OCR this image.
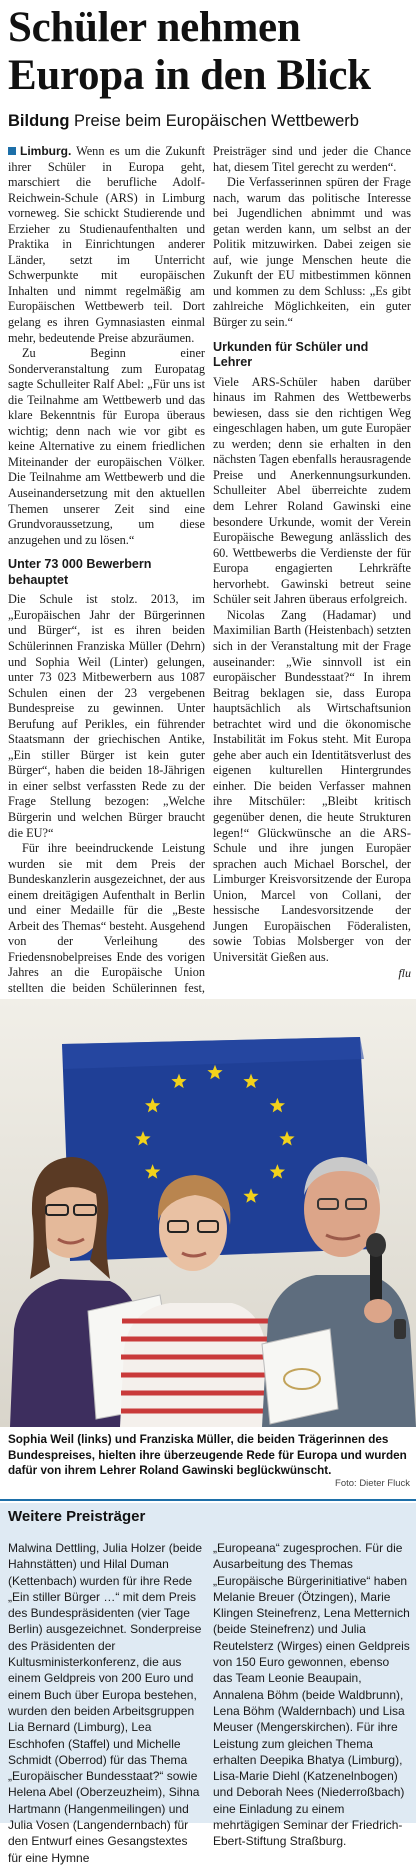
Schüler nehmen Europa in den Blick
Bildung Preise beim Europäischen Wettbewerb

Limburg. Wenn es um die Zukunft ihrer Schüler in Europa geht, marschiert die berufliche Adolf-Reichwein-Schule (ARS) in Limburg vorneweg. Sie schickt Studierende und Erzieher zu Studienaufenthalten und Praktika in Einrichtungen anderer Länder, setzt im Unterricht Schwerpunkte mit europäischen Inhalten und nimmt regelmäßig am Europäischen Wettbewerb teil. Dort gelang es ihren Gymnasiasten einmal mehr, bedeutende Preise abzuräumen.

Zu Beginn einer Sonderveranstaltung zum Europatag sagte Schulleiter Ralf Abel: „Für uns ist die Teilnahme am Wettbewerb und das klare Bekenntnis für Europa überaus wichtig; denn nach wie vor gibt es keine Alternative zu einem friedlichen Miteinander der europäischen Völker. Die Teilnahme am Wettbewerb und die Auseinandersetzung mit den aktuellen Themen unserer Zeit sind eine Grundvoraussetzung, um diese anzugehen und zu lösen.“

Unter 73 000 Bewerbern behauptet

Die Schule ist stolz. 2013, im „Europäischen Jahr der Bürgerinnen und Bürger“, ist es ihren beiden Schülerinnen Franziska Müller (Dehrn) und Sophia Weil (Linter) gelungen, unter 73 023 Mitbewerbern aus 1087 Schulen einen der 23 vergebenen Bundespreise zu gewinnen. Unter Berufung auf Perikles, ein führender Staatsmann der griechischen Antike, „Ein stiller Bürger ist kein guter Bürger“, haben die beiden 18-Jährigen in einer selbst verfassten Rede zu der Frage Stellung bezogen: „Welche Bürgerin und welchen Bürger braucht die EU?“

Für ihre beeindruckende Leistung wurden sie mit dem Preis der Bundeskanzlerin ausgezeichnet, der aus einem dreitägigen Aufenthalt in Berlin und einer Medaille für die „Beste Arbeit des Themas“ besteht. Ausgehend von der Verleihung des Friedensnobelpreises Ende des vorigen Jahres an die Europäische Union stellten die beiden Schülerinnen fest,

Preisträger sind und jeder die Chance hat, diesem Titel gerecht zu werden“.

Die Verfasserinnen spüren der Frage nach, warum das politische Interesse bei Jugendlichen abnimmt und was getan werden kann, um selbst an der Politik mitzuwirken. Dabei zeigen sie auf, wie junge Menschen heute die Zukunft der EU mitbestimmen können und kommen zu dem Schluss: „Es gibt zahlreiche Möglichkeiten, ein guter Bürger zu sein.“

Urkunden für Schüler und Lehrer

Viele ARS-Schüler haben darüber hinaus im Rahmen des Wettbewerbs bewiesen, dass sie den richtigen Weg eingeschlagen haben, um gute Europäer zu werden; denn sie erhalten in den nächsten Tagen ebenfalls herausragende Preise und Anerkennungsurkunden. Schulleiter Abel überreichte zudem dem Lehrer Roland Gawinski eine besondere Urkunde, womit der Verein Europäische Bewegung anlässlich des 60. Wettbewerbs die Verdienste der für Europa engagierten Lehrkräfte hervorhebt. Gawinski betreut seine Schüler seit Jahren überaus erfolgreich.

Nicolas Zang (Hadamar) und Maximilian Barth (Heistenbach) setzten sich in der Veranstaltung mit der Frage auseinander: „Wie sinnvoll ist ein europäischer Bundesstaat?“ In ihrem Beitrag beklagen sie, dass Europa hauptsächlich als Wirtschaftsunion betrachtet wird und die ökonomische Instabilität im Fokus steht. Mit Europa gehe aber auch ein Identitätsverlust des eigenen kulturellen Hintergrundes einher. Die beiden Verfasser mahnen ihre Mitschüler: „Bleibt kritisch gegenüber denen, die heute Strukturen legen!“ Glückwünsche an die ARS-Schule und ihre jungen Europäer sprachen auch Michael Borschel, der Limburger Kreisvorsitzende der Europa Union, Marcel von Collani, der hessische Landesvorsitzende der Jungen Europäischen Föderalisten, sowie Tobias Molsberger von der Universität Gießen aus.

flu
Sophia Weil (links) und Franziska Müller, die beiden Trägerinnen des Bundespreises, hielten ihre überzeugende Rede für Europa und wurden dafür von ihrem Lehrer Roland Gawinski beglückwünscht.
Foto: Dieter Fluck
Weitere Preisträger
Malwina Dettling, Julia Holzer (beide Hahnstätten) und Hilal Duman (Kettenbach) wurden für ihre Rede „Ein stiller Bürger …“ mit dem Preis des Bundespräsidenten (vier Tage Berlin) ausgezeichnet. Sonderpreise des Präsidenten der Kultusministerkonferenz, die aus einem Geldpreis von 200 Euro und einem Buch über Europa bestehen, wurden den beiden Arbeitsgruppen Lia Bernard (Limburg), Lea Eschhofen (Staffel) und Michelle Schmidt (Oberrod) für das Thema „Europäischer Bundesstaat?“ sowie Helena Abel (Oberzeuzheim), Sihna Hartmann (Hangenmeilingen) und Julia Vosen (Langendernbach) für den Entwurf eines Gesangstextes für eine Hymne
„Europeana“ zugesprochen. Für die Ausarbeitung des Themas „Europäische Bürgerinitiative“ haben Melanie Breuer (Ötzingen), Marie Klingen Steinefrenz, Lena Metternich (beide Steinefrenz) und Julia Reutelsterz (Wirges) einen Geldpreis von 150 Euro gewonnen, ebenso das Team Leonie Beaupain, Annalena Böhm (beide Waldbrunn), Lena Böhm (Waldernbach) und Lisa Meuser (Mengerskirchen). Für ihre Leistung zum gleichen Thema erhalten Deepika Bhatya (Limburg), Lisa-Marie Diehl (Katzenelnbogen) und Deborah Nees (Niederroßbach) eine Einladung zu einem mehrtägigen Seminar der Friedrich-Ebert-Stiftung Straßburg.
